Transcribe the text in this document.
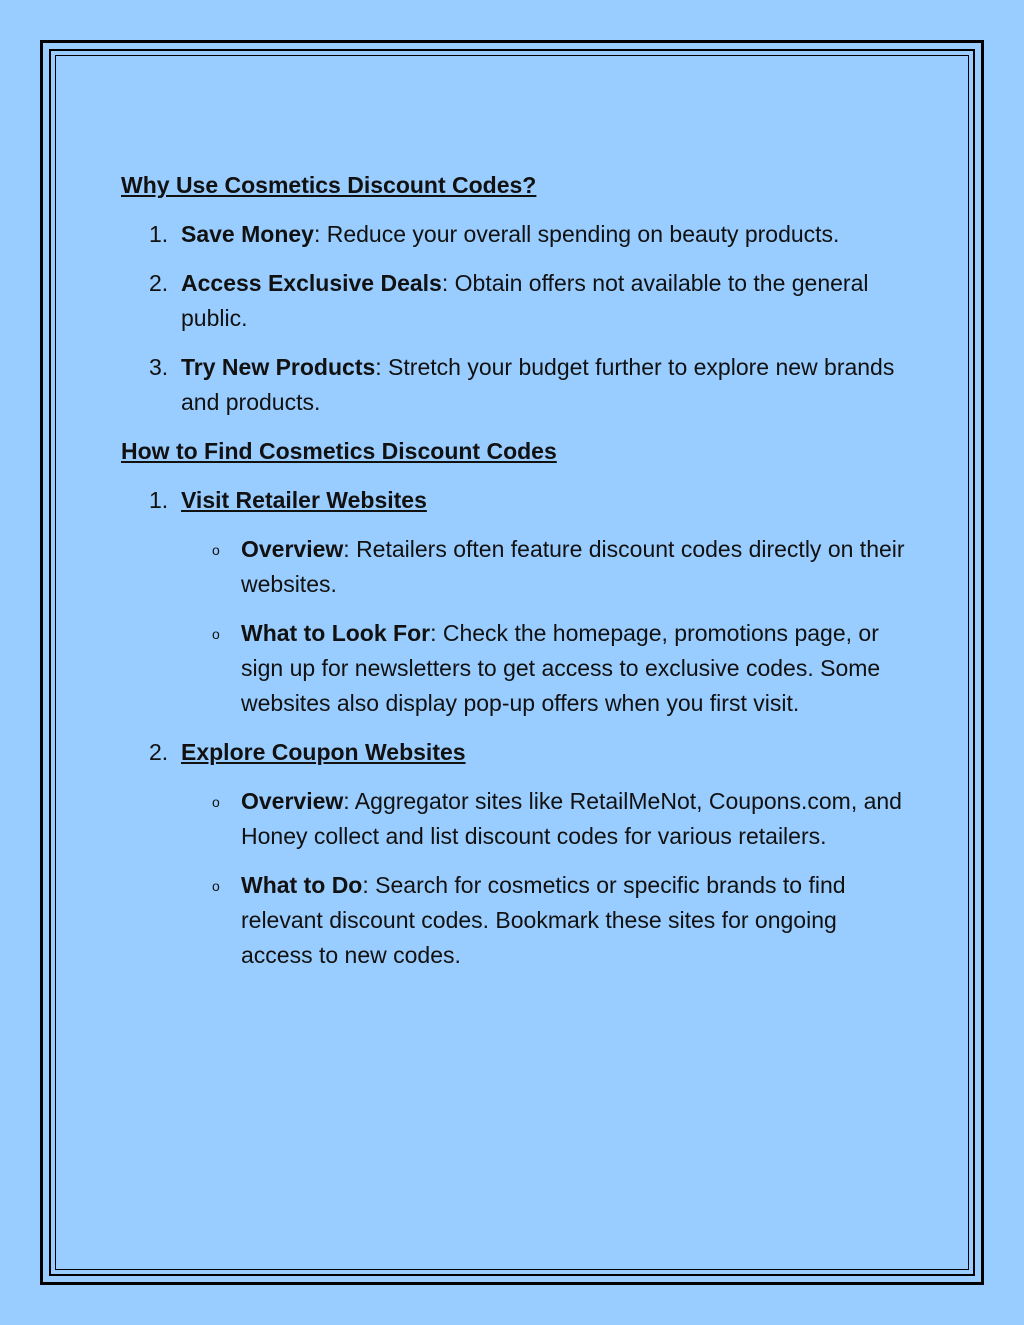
Why Use Cosmetics Discount Codes?
1. Save Money: Reduce your overall spending on beauty products.
2. Access Exclusive Deals: Obtain offers not available to the general public.
3. Try New Products: Stretch your budget further to explore new brands and products.
How to Find Cosmetics Discount Codes
1. Visit Retailer Websites
o Overview: Retailers often feature discount codes directly on their websites.
o What to Look For: Check the homepage, promotions page, or sign up for newsletters to get access to exclusive codes. Some websites also display pop-up offers when you first visit.
2. Explore Coupon Websites
o Overview: Aggregator sites like RetailMeNot, Coupons.com, and Honey collect and list discount codes for various retailers.
o What to Do: Search for cosmetics or specific brands to find relevant discount codes. Bookmark these sites for ongoing access to new codes.
